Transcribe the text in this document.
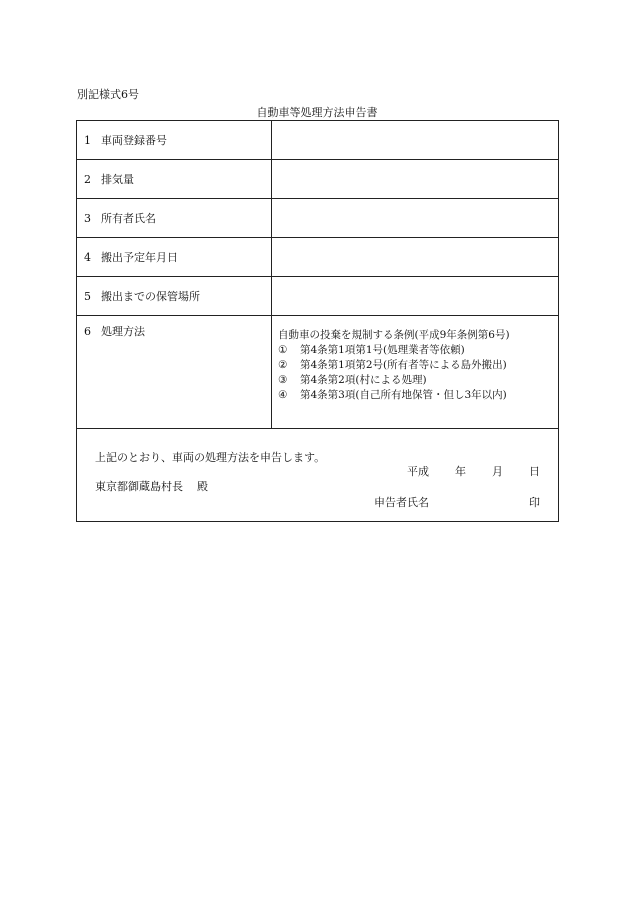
別記様式6号
自動車等処理方法申告書
1 車両登録番号	
2 排気量	
3 所有者氏名	
4 搬出予定年月日	
5 搬出までの保管場所	
6 処理方法	自動車の投棄を規制する条例(平成9年条例第6号)
① 第4条第1項第1号(処理業者等依頼)
② 第4条第1項第2号(所有者等による島外搬出)
③ 第4条第2項(村による処理)
④ 第4条第3項(自己所有地保管・但し3年以内)

上記のとおり、車両の処理方法を申告します。
平成 年 月 日
東京都御蔵島村長 殿
申告者氏名 印	
